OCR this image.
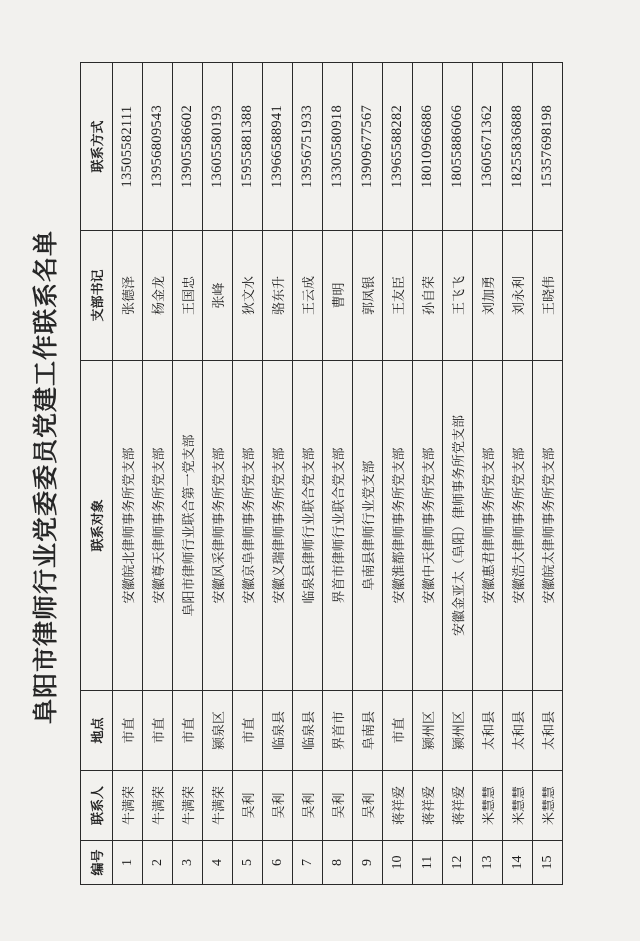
阜阳市律师行业党委委员党建工作联系名单
编号	联系人	地点	联系对象	支部书记	联系方式
1	牛满荣	市直	安徽皖北律师事务所党支部	张德泽	13505582111
2	牛满荣	市直	安徽尊天律师事务所党支部	杨金龙	13956809543
3	牛满荣	市直	阜阳市律师行业联合第一党支部	王国忠	13905586602
4	牛满荣	颍泉区	安徽风采律师事务所党支部	张峰	13605580193
5	吴利	市直	安徽京阜律师事务所党支部	狄文水	15955881388
6	吴利	临泉县	安徽义瑞律师事务所党支部	骆东升	13966588941
7	吴利	临泉县	临泉县律师行业联合党支部	王云成	13956751933
8	吴利	界首市	界首市律师行业联合党支部	曹明	13305580918
9	吴利	阜南县	阜南县律师行业党支部	郭凤银	13909677567
10	蒋祥爱	市直	安徽淮都律师事务所党支部	王友臣	13965588282
11	蒋祥爱	颍州区	安徽中天律师事务所党支部	孙自荣	18010966886
12	蒋祥爱	颍州区	安徽金亚太（阜阳）律师事务所党支部	王飞飞	18055886066
13	米慧慧	太和县	安徽惠君律师事务所党支部	刘加勇	13605671362
14	米慧慧	太和县	安徽浩大律师事务所党支部	刘永利	18255836888
15	米慧慧	太和县	安徽皖太律师事务所党支部	王晓伟	15357698198
